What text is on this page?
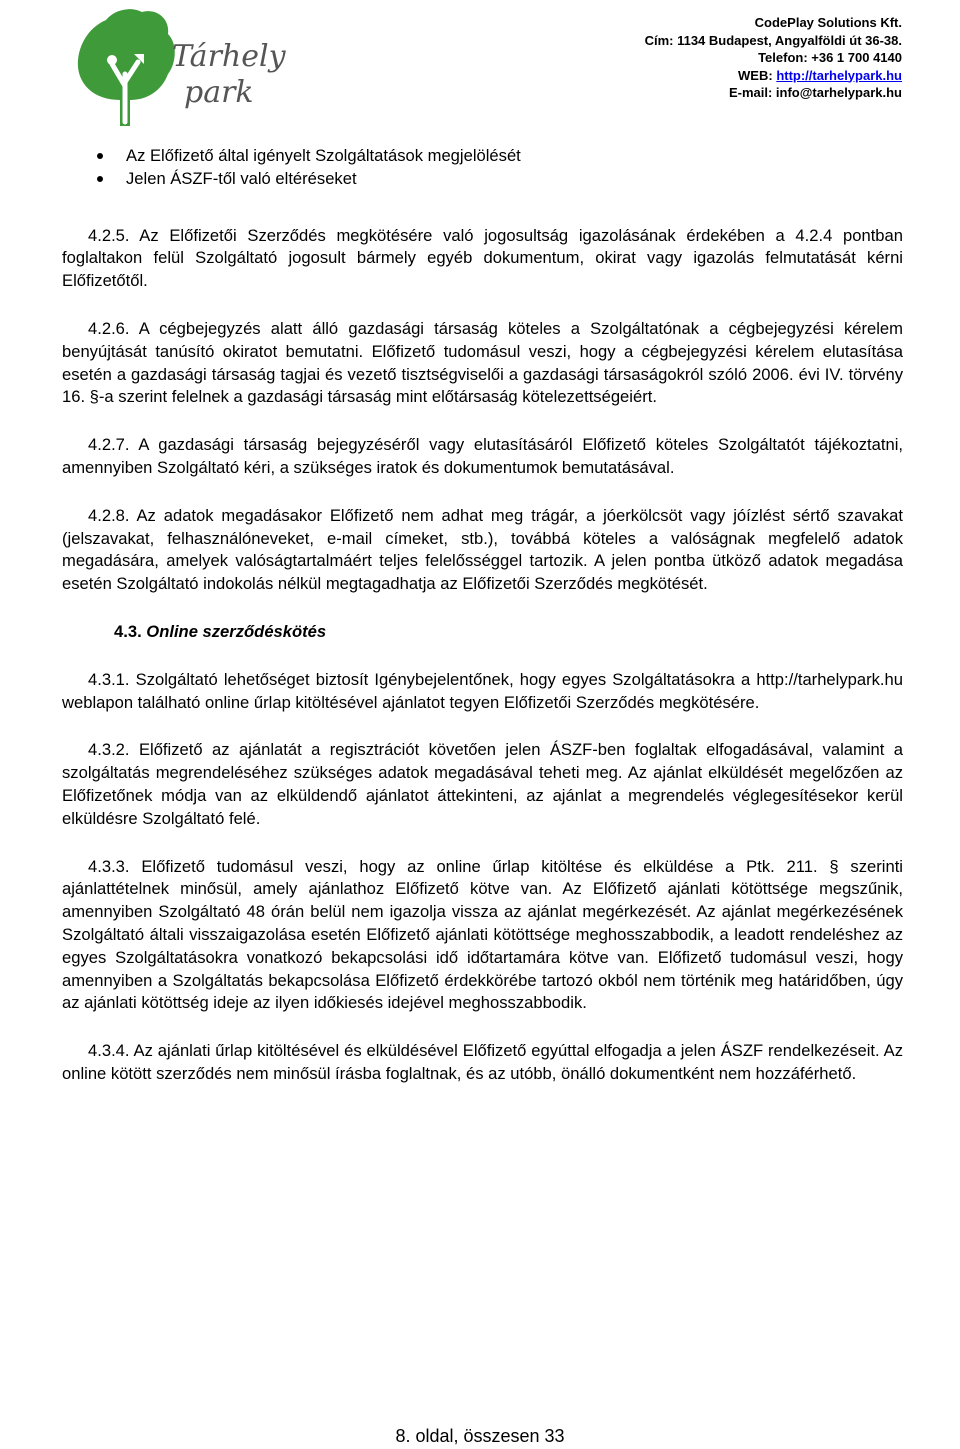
Tárhely
park
CodePlay Solutions Kft.
Cím: 1134 Budapest, Angyalföldi út 36-38.
Telefon: +36 1 700 4140
WEB: http://tarhelypark.hu
E-mail: info@tarhelypark.hu
Az Előfizető által igényelt Szolgáltatások megjelölését
Jelen ÁSZF-től való eltéréseket

4.2.5. Az Előfizetői Szerződés megkötésére való jogosultság igazolásának érdekében a 4.2.4 pontban foglaltakon felül Szolgáltató jogosult bármely egyéb dokumentum, okirat vagy igazolás felmutatását kérni Előfizetőtől.

4.2.6. A cégbejegyzés alatt álló gazdasági társaság köteles a Szolgáltatónak a cégbejegyzési kérelem benyújtását tanúsító okiratot bemutatni. Előfizető tudomásul veszi, hogy a cégbejegyzési kérelem elutasítása esetén a gazdasági társaság tagjai és vezető tisztségviselői a gazdasági társaságokról szóló 2006. évi IV. törvény 16. §-a szerint felelnek a gazdasági társaság mint előtársaság kötelezettségeiért.

4.2.7. A gazdasági társaság bejegyzéséről vagy elutasításáról Előfizető köteles Szolgáltatót tájékoztatni, amennyiben Szolgáltató kéri, a szükséges iratok és dokumentumok bemutatásával.

4.2.8. Az adatok megadásakor Előfizető nem adhat meg trágár, a jóerkölcsöt vagy jóízlést sértő szavakat (jelszavakat, felhasználóneveket, e-mail címeket, stb.), továbbá köteles a valóságnak megfelelő adatok megadására, amelyek valóságtartalmáért teljes felelősséggel tartozik. A jelen pontba ütköző adatok megadása esetén Szolgáltató indokolás nélkül megtagadhatja az Előfizetői Szerződés megkötését.

4.3. Online szerződéskötés

4.3.1. Szolgáltató lehetőséget biztosít Igénybejelentőnek, hogy egyes Szolgáltatásokra a http://tarhelypark.hu weblapon található online űrlap kitöltésével ajánlatot tegyen Előfizetői Szerződés megkötésére.

4.3.2. Előfizető az ajánlatát a regisztrációt követően jelen ÁSZF-ben foglaltak elfogadásával, valamint a szolgáltatás megrendeléséhez szükséges adatok megadásával teheti meg. Az ajánlat elküldését megelőzően az Előfizetőnek módja van az elküldendő ajánlatot áttekinteni, az ajánlat a megrendelés véglegesítésekor kerül elküldésre Szolgáltató felé.

4.3.3. Előfizető tudomásul veszi, hogy az online űrlap kitöltése és elküldése a Ptk. 211. § szerinti ajánlattételnek minősül, amely ajánlathoz Előfizető kötve van. Az Előfizető ajánlati kötöttsége megszűnik, amennyiben Szolgáltató 48 órán belül nem igazolja vissza az ajánlat megérkezését. Az ajánlat megérkezésének Szolgáltató általi visszaigazolása esetén Előfizető ajánlati kötöttsége meghosszabbodik, a leadott rendeléshez az egyes Szolgáltatásokra vonatkozó bekapcsolási idő időtartamára kötve van. Előfizető tudomásul veszi, hogy amennyiben a Szolgáltatás bekapcsolása Előfizető érdekkörébe tartozó okból nem történik meg határidőben, úgy az ajánlati kötöttség ideje az ilyen időkiesés idejével meghosszabbodik.

4.3.4. Az ajánlati űrlap kitöltésével és elküldésével Előfizető egyúttal elfogadja a jelen ÁSZF rendelkezéseit. Az online kötött szerződés nem minősül írásba foglaltnak, és az utóbb, önálló dokumentként nem hozzáférhető.

8. oldal, összesen 33
